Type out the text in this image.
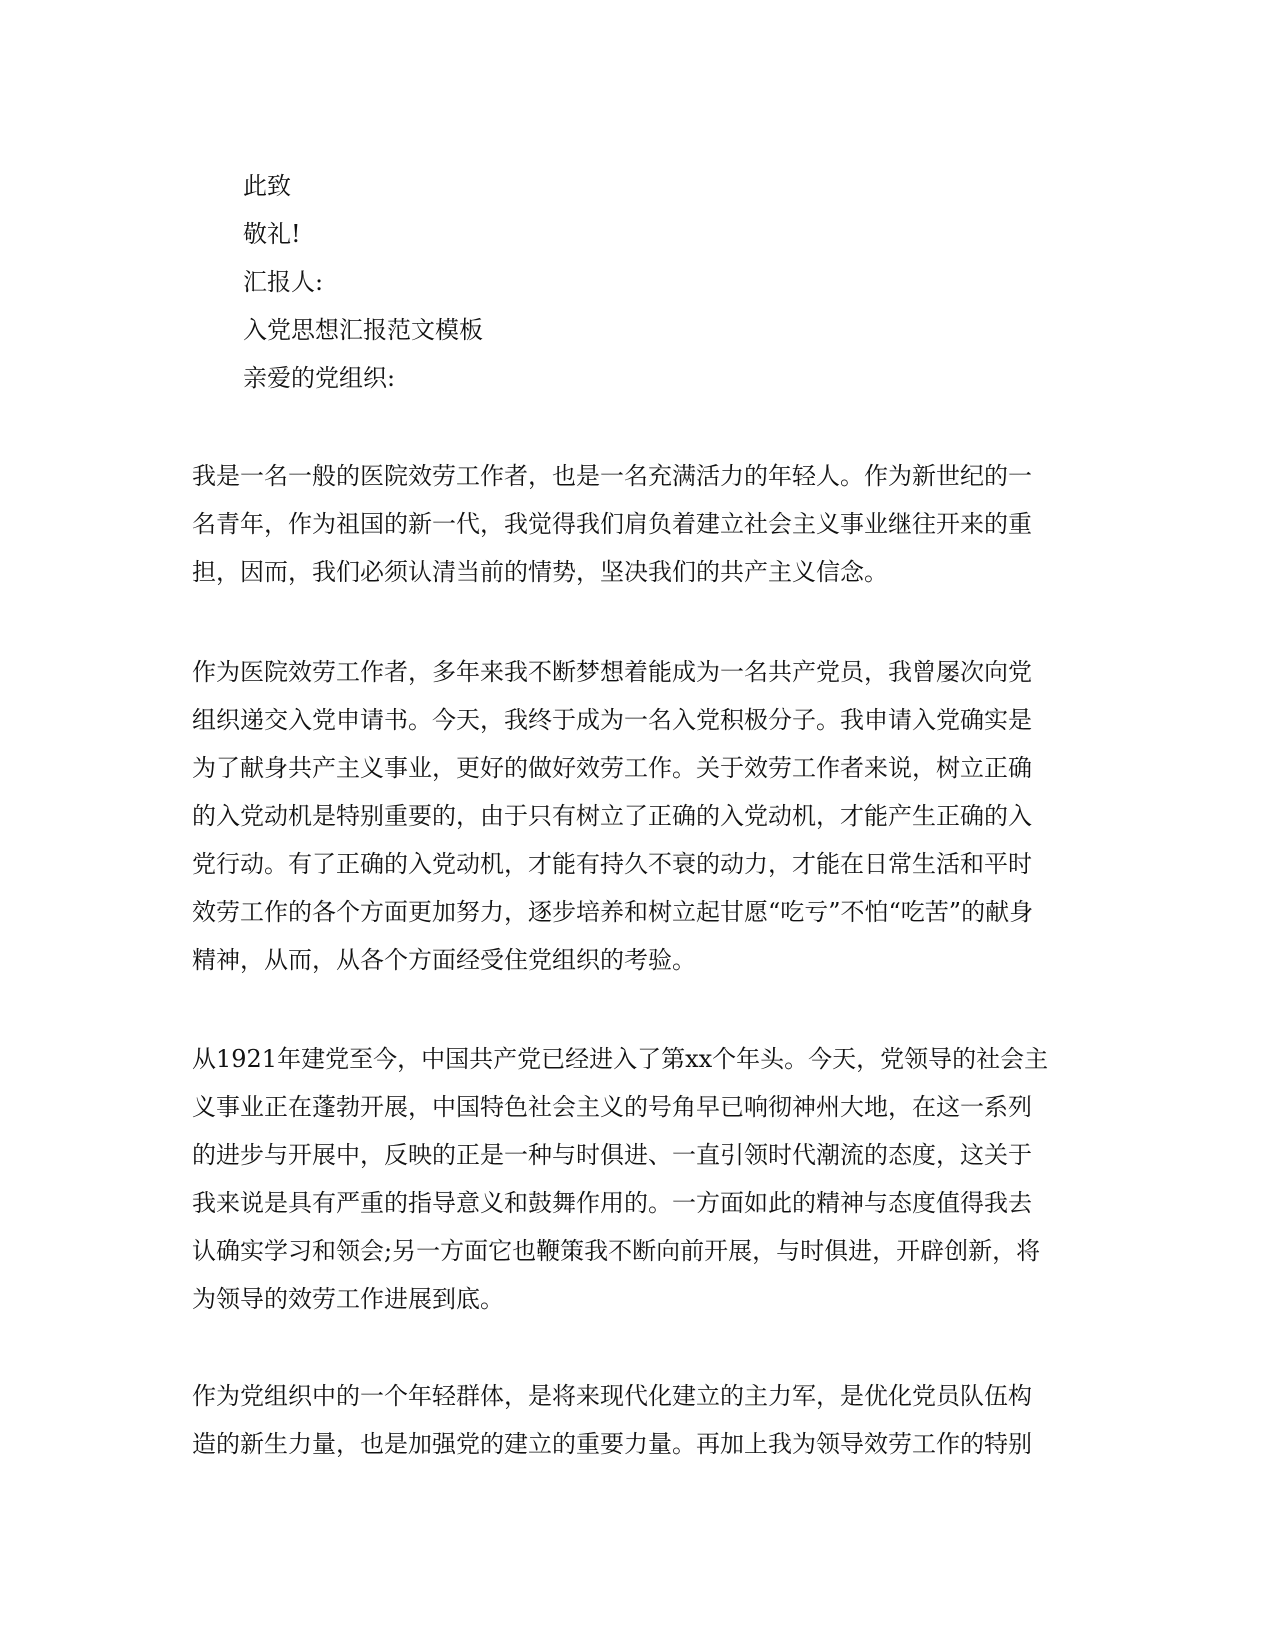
此致
敬礼!
汇报人:
入党思想汇报范文模板
亲爱的党组织:

我是一名一般的医院效劳工作者，也是一名充满活力的年轻人。作为新世纪的一
名青年，作为祖国的新一代，我觉得我们肩负着建立社会主义事业继往开来的重
担，因而，我们必须认清当前的情势，坚决我们的共产主义信念。

作为医院效劳工作者，多年来我不断梦想着能成为一名共产党员，我曾屡次向党
组织递交入党申请书。今天，我终于成为一名入党积极分子。我申请入党确实是
为了献身共产主义事业，更好的做好效劳工作。关于效劳工作者来说，树立正确
的入党动机是特别重要的，由于只有树立了正确的入党动机，才能产生正确的入
党行动。有了正确的入党动机，才能有持久不衰的动力，才能在日常生活和平时
效劳工作的各个方面更加努力，逐步培养和树立起甘愿“吃亏”不怕“吃苦”的献身
精神，从而，从各个方面经受住党组织的考验。

从1921年建党至今，中国共产党已经进入了第xx个年头。今天，党领导的社会主
义事业正在蓬勃开展，中国特色社会主义的号角早已响彻神州大地，在这一系列
的进步与开展中，反映的正是一种与时俱进、一直引领时代潮流的态度，这关于
我来说是具有严重的指导意义和鼓舞作用的。一方面如此的精神与态度值得我去
认确实学习和领会;另一方面它也鞭策我不断向前开展，与时俱进，开辟创新，将
为领导的效劳工作进展到底。

作为党组织中的一个年轻群体，是将来现代化建立的主力军，是优化党员队伍构
造的新生力量，也是加强党的建立的重要力量。再加上我为领导效劳工作的特别
